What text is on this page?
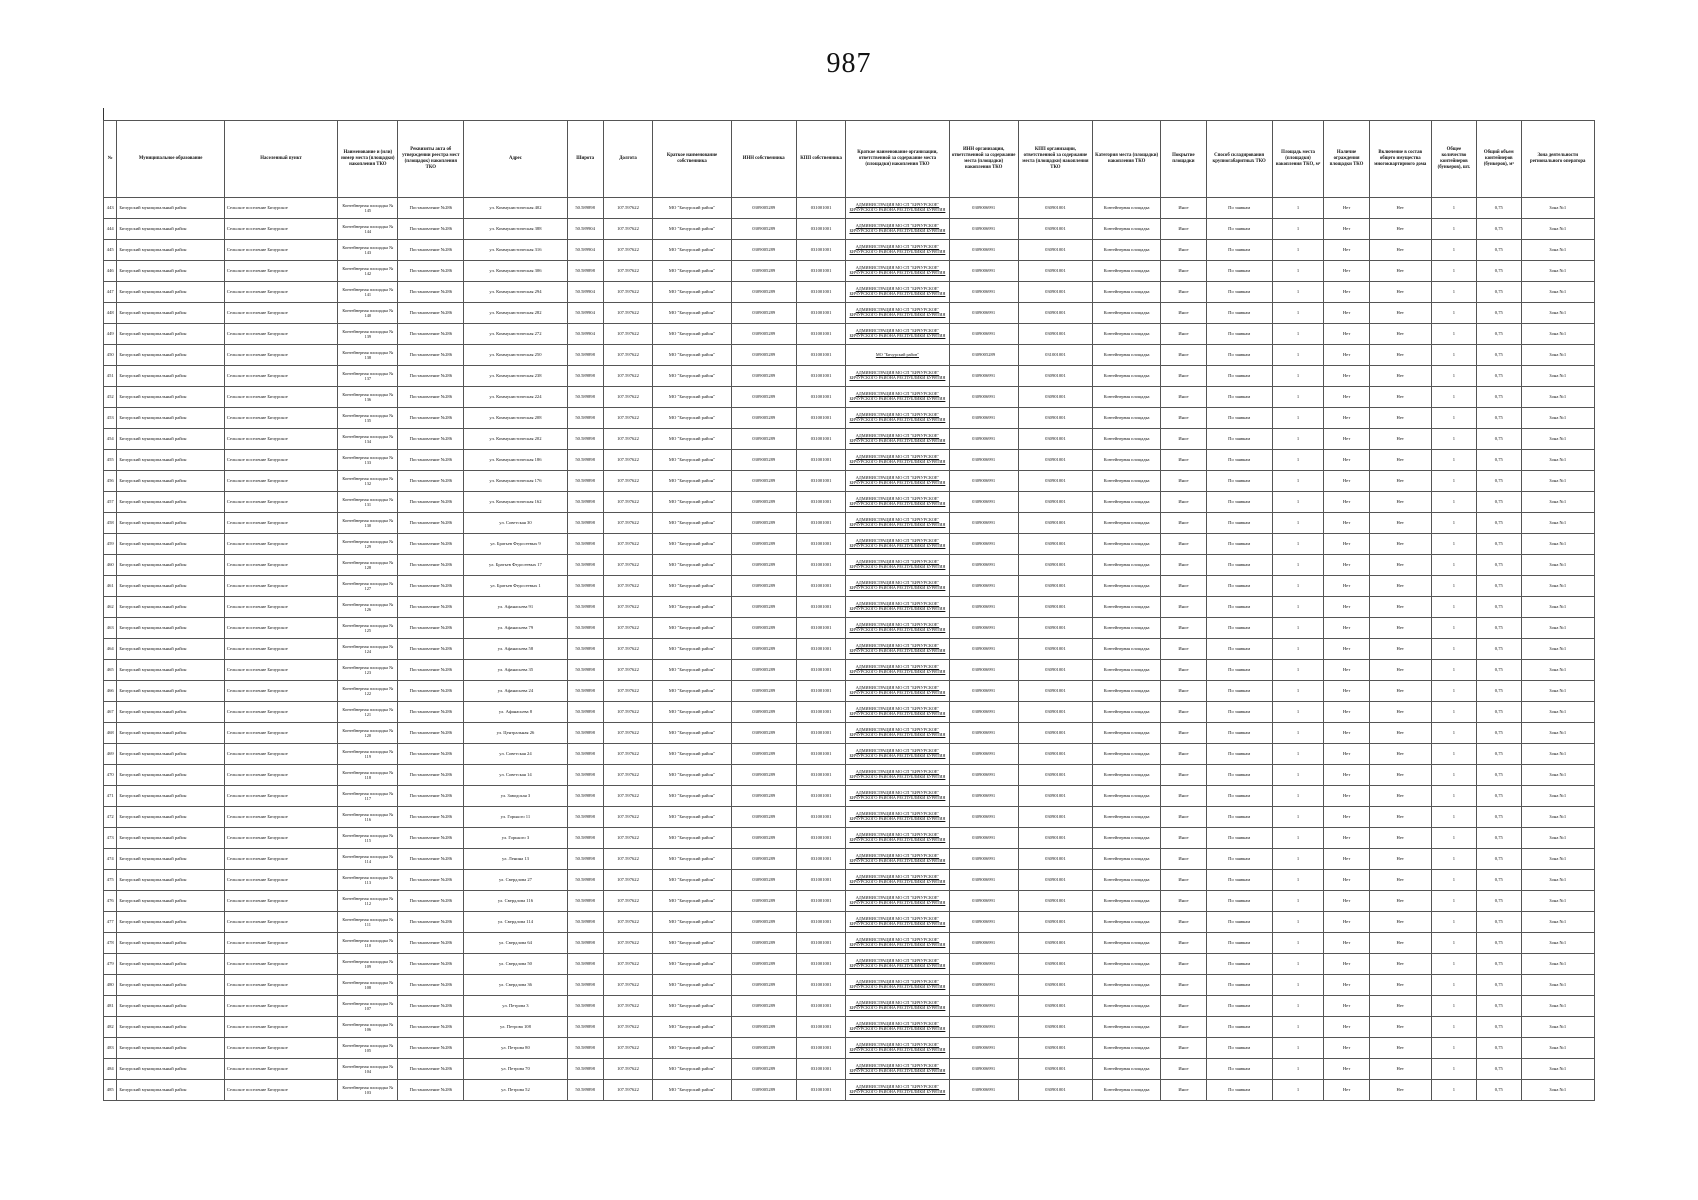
987
№	Муниципальное образование	Населенный пункт	Наименование и (или) номер места (площадки) накопления ТКО	Реквизиты акта об утверждении реестра мест (площадок) накопления ТКО	Адрес	Широта	Долгота	Краткое наименование собственника	ИНН собственника	КПП собственника	Краткое наименование организации, ответственной за содержание места (площадки) накопления ТКО	ИНН организации, ответственной за содержание места (площадки) накопления ТКО	КПП организации, ответственной за содержание места (площадки) накопления ТКО	Категория места (площадки) накопления ТКО	Покрытие площадки	Способ складирования крупногабаритных ТКО	Площадь места (площадки) накопления ТКО, м²	Наличие ограждения площадки ТКО	Включение в состав общего имущества многоквартирного дома	Общее количество контейнеров (бункеров), шт.	Общий объем контейнеров (бункеров), м³	Зона деятельности регионального оператора
443	Бичурский муниципальный район	Сельское поселение Бичурское	Контейнерная площадка № 145	Постановление №286	ул. Коммунистическая 402	50.589898	107.597622	МО "Бичурский район"	0309005289	031001001	АДМИНИСТРАЦИЯ МО СП "БИЧУРСКОЕ" БИЧУРСКОГО РАЙОНА РЕСПУБЛИКИ БУРЯТИЯ	0309006991	030901001	Контейнерная площадка	Иное	По заявкам	1	Нет	Нет	1	0,75	Зона №1
444	Бичурский муниципальный район	Сельское поселение Бичурское	Контейнерная площадка № 144	Постановление №286	ул. Коммунистическая 388	50.589904	107.597622	МО "Бичурский район"	0309005289	031001001	АДМИНИСТРАЦИЯ МО СП "БИЧУРСКОЕ" БИЧУРСКОГО РАЙОНА РЕСПУБЛИКИ БУРЯТИЯ	0309006991	030901001	Контейнерная площадка	Иное	По заявкам	1	Нет	Нет	1	0,75	Зона №1
445	Бичурский муниципальный район	Сельское поселение Бичурское	Контейнерная площадка № 143	Постановление №286	ул. Коммунистическая 316	50.589904	107.597622	МО "Бичурский район"	0309005289	031001001	АДМИНИСТРАЦИЯ МО СП "БИЧУРСКОЕ" БИЧУРСКОГО РАЙОНА РЕСПУБЛИКИ БУРЯТИЯ	0309006991	030901001	Контейнерная площадка	Иное	По заявкам	1	Нет	Нет	1	0,75	Зона №1
446	Бичурский муниципальный район	Сельское поселение Бичурское	Контейнерная площадка № 142	Постановление №286	ул. Коммунистическая 306	50.589898	107.597622	МО "Бичурский район"	0309005289	031001001	АДМИНИСТРАЦИЯ МО СП "БИЧУРСКОЕ" БИЧУРСКОГО РАЙОНА РЕСПУБЛИКИ БУРЯТИЯ	0309006991	030901001	Контейнерная площадка	Иное	По заявкам	1	Нет	Нет	1	0,75	Зона №1
447	Бичурский муниципальный район	Сельское поселение Бичурское	Контейнерная площадка № 141	Постановление №286	ул. Коммунистическая 294	50.589904	107.597622	МО "Бичурский район"	0309005289	031001001	АДМИНИСТРАЦИЯ МО СП "БИЧУРСКОЕ" БИЧУРСКОГО РАЙОНА РЕСПУБЛИКИ БУРЯТИЯ	0309006991	030901001	Контейнерная площадка	Иное	По заявкам	1	Нет	Нет	1	0,75	Зона №1
448	Бичурский муниципальный район	Сельское поселение Бичурское	Контейнерная площадка № 140	Постановление №286	ул. Коммунистическая 282	50.589904	107.597622	МО "Бичурский район"	0309005289	031001001	АДМИНИСТРАЦИЯ МО СП "БИЧУРСКОЕ" БИЧУРСКОГО РАЙОНА РЕСПУБЛИКИ БУРЯТИЯ	0309006991	030901001	Контейнерная площадка	Иное	По заявкам	1	Нет	Нет	1	0,75	Зона №1
449	Бичурский муниципальный район	Сельское поселение Бичурское	Контейнерная площадка № 139	Постановление №286	ул. Коммунистическая 272	50.589904	107.597622	МО "Бичурский район"	0309005289	031001001	АДМИНИСТРАЦИЯ МО СП "БИЧУРСКОЕ" БИЧУРСКОГО РАЙОНА РЕСПУБЛИКИ БУРЯТИЯ	0309006991	030901001	Контейнерная площадка	Иное	По заявкам	1	Нет	Нет	1	0,75	Зона №1
450	Бичурский муниципальный район	Сельское поселение Бичурское	Контейнерная площадка № 138	Постановление №286	ул. Коммунистическая 250	50.589898	107.597622	МО "Бичурский район"	0309005289	031001001	МО "Бичурский район"	0309005289	031001001	Контейнерная площадка	Иное	По заявкам	1	Нет	Нет	1	0,75	Зона №1
451	Бичурский муниципальный район	Сельское поселение Бичурское	Контейнерная площадка № 137	Постановление №286	ул. Коммунистическая 238	50.589898	107.597622	МО "Бичурский район"	0309005289	031001001	АДМИНИСТРАЦИЯ МО СП "БИЧУРСКОЕ" БИЧУРСКОГО РАЙОНА РЕСПУБЛИКИ БУРЯТИЯ	0309006991	030901001	Контейнерная площадка	Иное	По заявкам	1	Нет	Нет	1	0,75	Зона №1
452	Бичурский муниципальный район	Сельское поселение Бичурское	Контейнерная площадка № 136	Постановление №286	ул. Коммунистическая 224	50.589898	107.597622	МО "Бичурский район"	0309005289	031001001	АДМИНИСТРАЦИЯ МО СП "БИЧУРСКОЕ" БИЧУРСКОГО РАЙОНА РЕСПУБЛИКИ БУРЯТИЯ	0309006991	030901001	Контейнерная площадка	Иное	По заявкам	1	Нет	Нет	1	0,75	Зона №1
453	Бичурский муниципальный район	Сельское поселение Бичурское	Контейнерная площадка № 135	Постановление №286	ул. Коммунистическая 208	50.589898	107.597622	МО "Бичурский район"	0309005289	031001001	АДМИНИСТРАЦИЯ МО СП "БИЧУРСКОЕ" БИЧУРСКОГО РАЙОНА РЕСПУБЛИКИ БУРЯТИЯ	0309006991	030901001	Контейнерная площадка	Иное	По заявкам	1	Нет	Нет	1	0,75	Зона №1
454	Бичурский муниципальный район	Сельское поселение Бичурское	Контейнерная площадка № 134	Постановление №286	ул. Коммунистическая 202	50.589898	107.597622	МО "Бичурский район"	0309005289	031001001	АДМИНИСТРАЦИЯ МО СП "БИЧУРСКОЕ" БИЧУРСКОГО РАЙОНА РЕСПУБЛИКИ БУРЯТИЯ	0309006991	030901001	Контейнерная площадка	Иное	По заявкам	1	Нет	Нет	1	0,75	Зона №1
455	Бичурский муниципальный район	Сельское поселение Бичурское	Контейнерная площадка № 133	Постановление №286	ул. Коммунистическая 186	50.589898	107.597622	МО "Бичурский район"	0309005289	031001001	АДМИНИСТРАЦИЯ МО СП "БИЧУРСКОЕ" БИЧУРСКОГО РАЙОНА РЕСПУБЛИКИ БУРЯТИЯ	0309006991	030901001	Контейнерная площадка	Иное	По заявкам	1	Нет	Нет	1	0,75	Зона №1
456	Бичурский муниципальный район	Сельское поселение Бичурское	Контейнерная площадка № 132	Постановление №286	ул. Коммунистическая 176	50.589898	107.597622	МО "Бичурский район"	0309005289	031001001	АДМИНИСТРАЦИЯ МО СП "БИЧУРСКОЕ" БИЧУРСКОГО РАЙОНА РЕСПУБЛИКИ БУРЯТИЯ	0309006991	030901001	Контейнерная площадка	Иное	По заявкам	1	Нет	Нет	1	0,75	Зона №1
457	Бичурский муниципальный район	Сельское поселение Бичурское	Контейнерная площадка № 131	Постановление №286	ул. Коммунистическая 162	50.589898	107.597622	МО "Бичурский район"	0309005289	031001001	АДМИНИСТРАЦИЯ МО СП "БИЧУРСКОЕ" БИЧУРСКОГО РАЙОНА РЕСПУБЛИКИ БУРЯТИЯ	0309006991	030901001	Контейнерная площадка	Иное	По заявкам	1	Нет	Нет	1	0,75	Зона №1
458	Бичурский муниципальный район	Сельское поселение Бичурское	Контейнерная площадка № 130	Постановление №286	ул. Советская 30	50.589898	107.597622	МО "Бичурский район"	0309005289	031001001	АДМИНИСТРАЦИЯ МО СП "БИЧУРСКОЕ" БИЧУРСКОГО РАЙОНА РЕСПУБЛИКИ БУРЯТИЯ	0309006991	030901001	Контейнерная площадка	Иное	По заявкам	1	Нет	Нет	1	0,75	Зона №1
459	Бичурский муниципальный район	Сельское поселение Бичурское	Контейнерная площадка № 129	Постановление №286	ул. Братьев Федосеевых 9	50.589898	107.597622	МО "Бичурский район"	0309005289	031001001	АДМИНИСТРАЦИЯ МО СП "БИЧУРСКОЕ" БИЧУРСКОГО РАЙОНА РЕСПУБЛИКИ БУРЯТИЯ	0309006991	030901001	Контейнерная площадка	Иное	По заявкам	1	Нет	Нет	1	0,75	Зона №1
460	Бичурский муниципальный район	Сельское поселение Бичурское	Контейнерная площадка № 128	Постановление №286	ул. Братьев Федосеевых 17	50.589898	107.597622	МО "Бичурский район"	0309005289	031001001	АДМИНИСТРАЦИЯ МО СП "БИЧУРСКОЕ" БИЧУРСКОГО РАЙОНА РЕСПУБЛИКИ БУРЯТИЯ	0309006991	030901001	Контейнерная площадка	Иное	По заявкам	1	Нет	Нет	1	0,75	Зона №1
461	Бичурский муниципальный район	Сельское поселение Бичурское	Контейнерная площадка № 127	Постановление №286	ул. Братьев Федосеевых 1	50.589898	107.597622	МО "Бичурский район"	0309005289	031001001	АДМИНИСТРАЦИЯ МО СП "БИЧУРСКОЕ" БИЧУРСКОГО РАЙОНА РЕСПУБЛИКИ БУРЯТИЯ	0309006991	030901001	Контейнерная площадка	Иное	По заявкам	1	Нет	Нет	1	0,75	Зона №1
462	Бичурский муниципальный район	Сельское поселение Бичурское	Контейнерная площадка № 126	Постановление №286	ул. Афанасьева 91	50.589898	107.597622	МО "Бичурский район"	0309005289	031001001	АДМИНИСТРАЦИЯ МО СП "БИЧУРСКОЕ" БИЧУРСКОГО РАЙОНА РЕСПУБЛИКИ БУРЯТИЯ	0309006991	030901001	Контейнерная площадка	Иное	По заявкам	1	Нет	Нет	1	0,75	Зона №1
463	Бичурский муниципальный район	Сельское поселение Бичурское	Контейнерная площадка № 125	Постановление №286	ул. Афанасьева 79	50.589898	107.597622	МО "Бичурский район"	0309005289	031001001	АДМИНИСТРАЦИЯ МО СП "БИЧУРСКОЕ" БИЧУРСКОГО РАЙОНА РЕСПУБЛИКИ БУРЯТИЯ	0309006991	030901001	Контейнерная площадка	Иное	По заявкам	1	Нет	Нет	1	0,75	Зона №1
464	Бичурский муниципальный район	Сельское поселение Бичурское	Контейнерная площадка № 124	Постановление №286	ул. Афанасьева 58	50.589898	107.597622	МО "Бичурский район"	0309005289	031001001	АДМИНИСТРАЦИЯ МО СП "БИЧУРСКОЕ" БИЧУРСКОГО РАЙОНА РЕСПУБЛИКИ БУРЯТИЯ	0309006991	030901001	Контейнерная площадка	Иное	По заявкам	1	Нет	Нет	1	0,75	Зона №1
465	Бичурский муниципальный район	Сельское поселение Бичурское	Контейнерная площадка № 123	Постановление №286	ул. Афанасьева 35	50.589898	107.597622	МО "Бичурский район"	0309005289	031001001	АДМИНИСТРАЦИЯ МО СП "БИЧУРСКОЕ" БИЧУРСКОГО РАЙОНА РЕСПУБЛИКИ БУРЯТИЯ	0309006991	030901001	Контейнерная площадка	Иное	По заявкам	1	Нет	Нет	1	0,75	Зона №1
466	Бичурский муниципальный район	Сельское поселение Бичурское	Контейнерная площадка № 122	Постановление №286	ул. Афанасьева 24	50.589898	107.597622	МО "Бичурский район"	0309005289	031001001	АДМИНИСТРАЦИЯ МО СП "БИЧУРСКОЕ" БИЧУРСКОГО РАЙОНА РЕСПУБЛИКИ БУРЯТИЯ	0309006991	030901001	Контейнерная площадка	Иное	По заявкам	1	Нет	Нет	1	0,75	Зона №1
467	Бичурский муниципальный район	Сельское поселение Бичурское	Контейнерная площадка № 121	Постановление №286	ул. Афанасьева 8	50.589898	107.597622	МО "Бичурский район"	0309005289	031001001	АДМИНИСТРАЦИЯ МО СП "БИЧУРСКОЕ" БИЧУРСКОГО РАЙОНА РЕСПУБЛИКИ БУРЯТИЯ	0309006991	030901001	Контейнерная площадка	Иное	По заявкам	1	Нет	Нет	1	0,75	Зона №1
468	Бичурский муниципальный район	Сельское поселение Бичурское	Контейнерная площадка № 120	Постановление №286	ул. Центральная 26	50.589898	107.597622	МО "Бичурский район"	0309005289	031001001	АДМИНИСТРАЦИЯ МО СП "БИЧУРСКОЕ" БИЧУРСКОГО РАЙОНА РЕСПУБЛИКИ БУРЯТИЯ	0309006991	030901001	Контейнерная площадка	Иное	По заявкам	1	Нет	Нет	1	0,75	Зона №1
469	Бичурский муниципальный район	Сельское поселение Бичурское	Контейнерная площадка № 119	Постановление №286	ул. Советская 24	50.589898	107.597622	МО "Бичурский район"	0309005289	031001001	АДМИНИСТРАЦИЯ МО СП "БИЧУРСКОЕ" БИЧУРСКОГО РАЙОНА РЕСПУБЛИКИ БУРЯТИЯ	0309006991	030901001	Контейнерная площадка	Иное	По заявкам	1	Нет	Нет	1	0,75	Зона №1
470	Бичурский муниципальный район	Сельское поселение Бичурское	Контейнерная площадка № 118	Постановление №286	ул. Советская 14	50.589898	107.597622	МО "Бичурский район"	0309005289	031001001	АДМИНИСТРАЦИЯ МО СП "БИЧУРСКОЕ" БИЧУРСКОГО РАЙОНА РЕСПУБЛИКИ БУРЯТИЯ	0309006991	030901001	Контейнерная площадка	Иное	По заявкам	1	Нет	Нет	1	0,75	Зона №1
471	Бичурский муниципальный район	Сельское поселение Бичурское	Контейнерная площадка № 117	Постановление №286	ул. Заводская 3	50.589898	107.597622	МО "Бичурский район"	0309005289	031001001	АДМИНИСТРАЦИЯ МО СП "БИЧУРСКОЕ" БИЧУРСКОГО РАЙОНА РЕСПУБЛИКИ БУРЯТИЯ	0309006991	030901001	Контейнерная площадка	Иное	По заявкам	1	Нет	Нет	1	0,75	Зона №1
472	Бичурский муниципальный район	Сельское поселение Бичурское	Контейнерная площадка № 116	Постановление №286	ул. Горького 11	50.589898	107.597622	МО "Бичурский район"	0309005289	031001001	АДМИНИСТРАЦИЯ МО СП "БИЧУРСКОЕ" БИЧУРСКОГО РАЙОНА РЕСПУБЛИКИ БУРЯТИЯ	0309006991	030901001	Контейнерная площадка	Иное	По заявкам	1	Нет	Нет	1	0,75	Зона №1
473	Бичурский муниципальный район	Сельское поселение Бичурское	Контейнерная площадка № 115	Постановление №286	ул. Горького 3	50.589898	107.597622	МО "Бичурский район"	0309005289	031001001	АДМИНИСТРАЦИЯ МО СП "БИЧУРСКОЕ" БИЧУРСКОГО РАЙОНА РЕСПУБЛИКИ БУРЯТИЯ	0309006991	030901001	Контейнерная площадка	Иное	По заявкам	1	Нет	Нет	1	0,75	Зона №1
474	Бичурский муниципальный район	Сельское поселение Бичурское	Контейнерная площадка № 114	Постановление №286	ул. Ленина 13	50.589898	107.597622	МО "Бичурский район"	0309005289	031001001	АДМИНИСТРАЦИЯ МО СП "БИЧУРСКОЕ" БИЧУРСКОГО РАЙОНА РЕСПУБЛИКИ БУРЯТИЯ	0309006991	030901001	Контейнерная площадка	Иное	По заявкам	1	Нет	Нет	1	0,75	Зона №1
475	Бичурский муниципальный район	Сельское поселение Бичурское	Контейнерная площадка № 113	Постановление №286	ул. Свердлова 27	50.589898	107.597622	МО "Бичурский район"	0309005289	031001001	АДМИНИСТРАЦИЯ МО СП "БИЧУРСКОЕ" БИЧУРСКОГО РАЙОНА РЕСПУБЛИКИ БУРЯТИЯ	0309006991	030901001	Контейнерная площадка	Иное	По заявкам	1	Нет	Нет	1	0,75	Зона №1
476	Бичурский муниципальный район	Сельское поселение Бичурское	Контейнерная площадка № 112	Постановление №286	ул. Свердлова 116	50.589898	107.597622	МО "Бичурский район"	0309005289	031001001	АДМИНИСТРАЦИЯ МО СП "БИЧУРСКОЕ" БИЧУРСКОГО РАЙОНА РЕСПУБЛИКИ БУРЯТИЯ	0309006991	030901001	Контейнерная площадка	Иное	По заявкам	1	Нет	Нет	1	0,75	Зона №1
477	Бичурский муниципальный район	Сельское поселение Бичурское	Контейнерная площадка № 111	Постановление №286	ул. Свердлова 114	50.589898	107.597622	МО "Бичурский район"	0309005289	031001001	АДМИНИСТРАЦИЯ МО СП "БИЧУРСКОЕ" БИЧУРСКОГО РАЙОНА РЕСПУБЛИКИ БУРЯТИЯ	0309006991	030901001	Контейнерная площадка	Иное	По заявкам	1	Нет	Нет	1	0,75	Зона №1
478	Бичурский муниципальный район	Сельское поселение Бичурское	Контейнерная площадка № 110	Постановление №286	ул. Свердлова 64	50.589898	107.597622	МО "Бичурский район"	0309005289	031001001	АДМИНИСТРАЦИЯ МО СП "БИЧУРСКОЕ" БИЧУРСКОГО РАЙОНА РЕСПУБЛИКИ БУРЯТИЯ	0309006991	030901001	Контейнерная площадка	Иное	По заявкам	1	Нет	Нет	1	0,75	Зона №1
479	Бичурский муниципальный район	Сельское поселение Бичурское	Контейнерная площадка № 109	Постановление №286	ул. Свердлова 50	50.589898	107.597622	МО "Бичурский район"	0309005289	031001001	АДМИНИСТРАЦИЯ МО СП "БИЧУРСКОЕ" БИЧУРСКОГО РАЙОНА РЕСПУБЛИКИ БУРЯТИЯ	0309006991	030901001	Контейнерная площадка	Иное	По заявкам	1	Нет	Нет	1	0,75	Зона №1
480	Бичурский муниципальный район	Сельское поселение Бичурское	Контейнерная площадка № 108	Постановление №286	ул. Свердлова 36	50.589898	107.597622	МО "Бичурский район"	0309005289	031001001	АДМИНИСТРАЦИЯ МО СП "БИЧУРСКОЕ" БИЧУРСКОГО РАЙОНА РЕСПУБЛИКИ БУРЯТИЯ	0309006991	030901001	Контейнерная площадка	Иное	По заявкам	1	Нет	Нет	1	0,75	Зона №1
481	Бичурский муниципальный район	Сельское поселение Бичурское	Контейнерная площадка № 107	Постановление №286	ул. Петрова 3	50.589898	107.597622	МО "Бичурский район"	0309005289	031001001	АДМИНИСТРАЦИЯ МО СП "БИЧУРСКОЕ" БИЧУРСКОГО РАЙОНА РЕСПУБЛИКИ БУРЯТИЯ	0309006991	030901001	Контейнерная площадка	Иное	По заявкам	1	Нет	Нет	1	0,75	Зона №1
482	Бичурский муниципальный район	Сельское поселение Бичурское	Контейнерная площадка № 106	Постановление №286	ул. Петрова 108	50.589898	107.597622	МО "Бичурский район"	0309005289	031001001	АДМИНИСТРАЦИЯ МО СП "БИЧУРСКОЕ" БИЧУРСКОГО РАЙОНА РЕСПУБЛИКИ БУРЯТИЯ	0309006991	030901001	Контейнерная площадка	Иное	По заявкам	1	Нет	Нет	1	0,75	Зона №1
483	Бичурский муниципальный район	Сельское поселение Бичурское	Контейнерная площадка № 105	Постановление №286	ул. Петрова 80	50.589898	107.597622	МО "Бичурский район"	0309005289	031001001	АДМИНИСТРАЦИЯ МО СП "БИЧУРСКОЕ" БИЧУРСКОГО РАЙОНА РЕСПУБЛИКИ БУРЯТИЯ	0309006991	030901001	Контейнерная площадка	Иное	По заявкам	1	Нет	Нет	1	0,75	Зона №1
484	Бичурский муниципальный район	Сельское поселение Бичурское	Контейнерная площадка № 104	Постановление №286	ул. Петрова 70	50.589898	107.597622	МО "Бичурский район"	0309005289	031001001	АДМИНИСТРАЦИЯ МО СП "БИЧУРСКОЕ" БИЧУРСКОГО РАЙОНА РЕСПУБЛИКИ БУРЯТИЯ	0309006991	030901001	Контейнерная площадка	Иное	По заявкам	1	Нет	Нет	1	0,75	Зона №1
485	Бичурский муниципальный район	Сельское поселение Бичурское	Контейнерная площадка № 103	Постановление №286	ул. Петрова 52	50.589898	107.597622	МО "Бичурский район"	0309005289	031001001	АДМИНИСТРАЦИЯ МО СП "БИЧУРСКОЕ" БИЧУРСКОГО РАЙОНА РЕСПУБЛИКИ БУРЯТИЯ	0309006991	030901001	Контейнерная площадка	Иное	По заявкам	1	Нет	Нет	1	0,75	Зона №1
